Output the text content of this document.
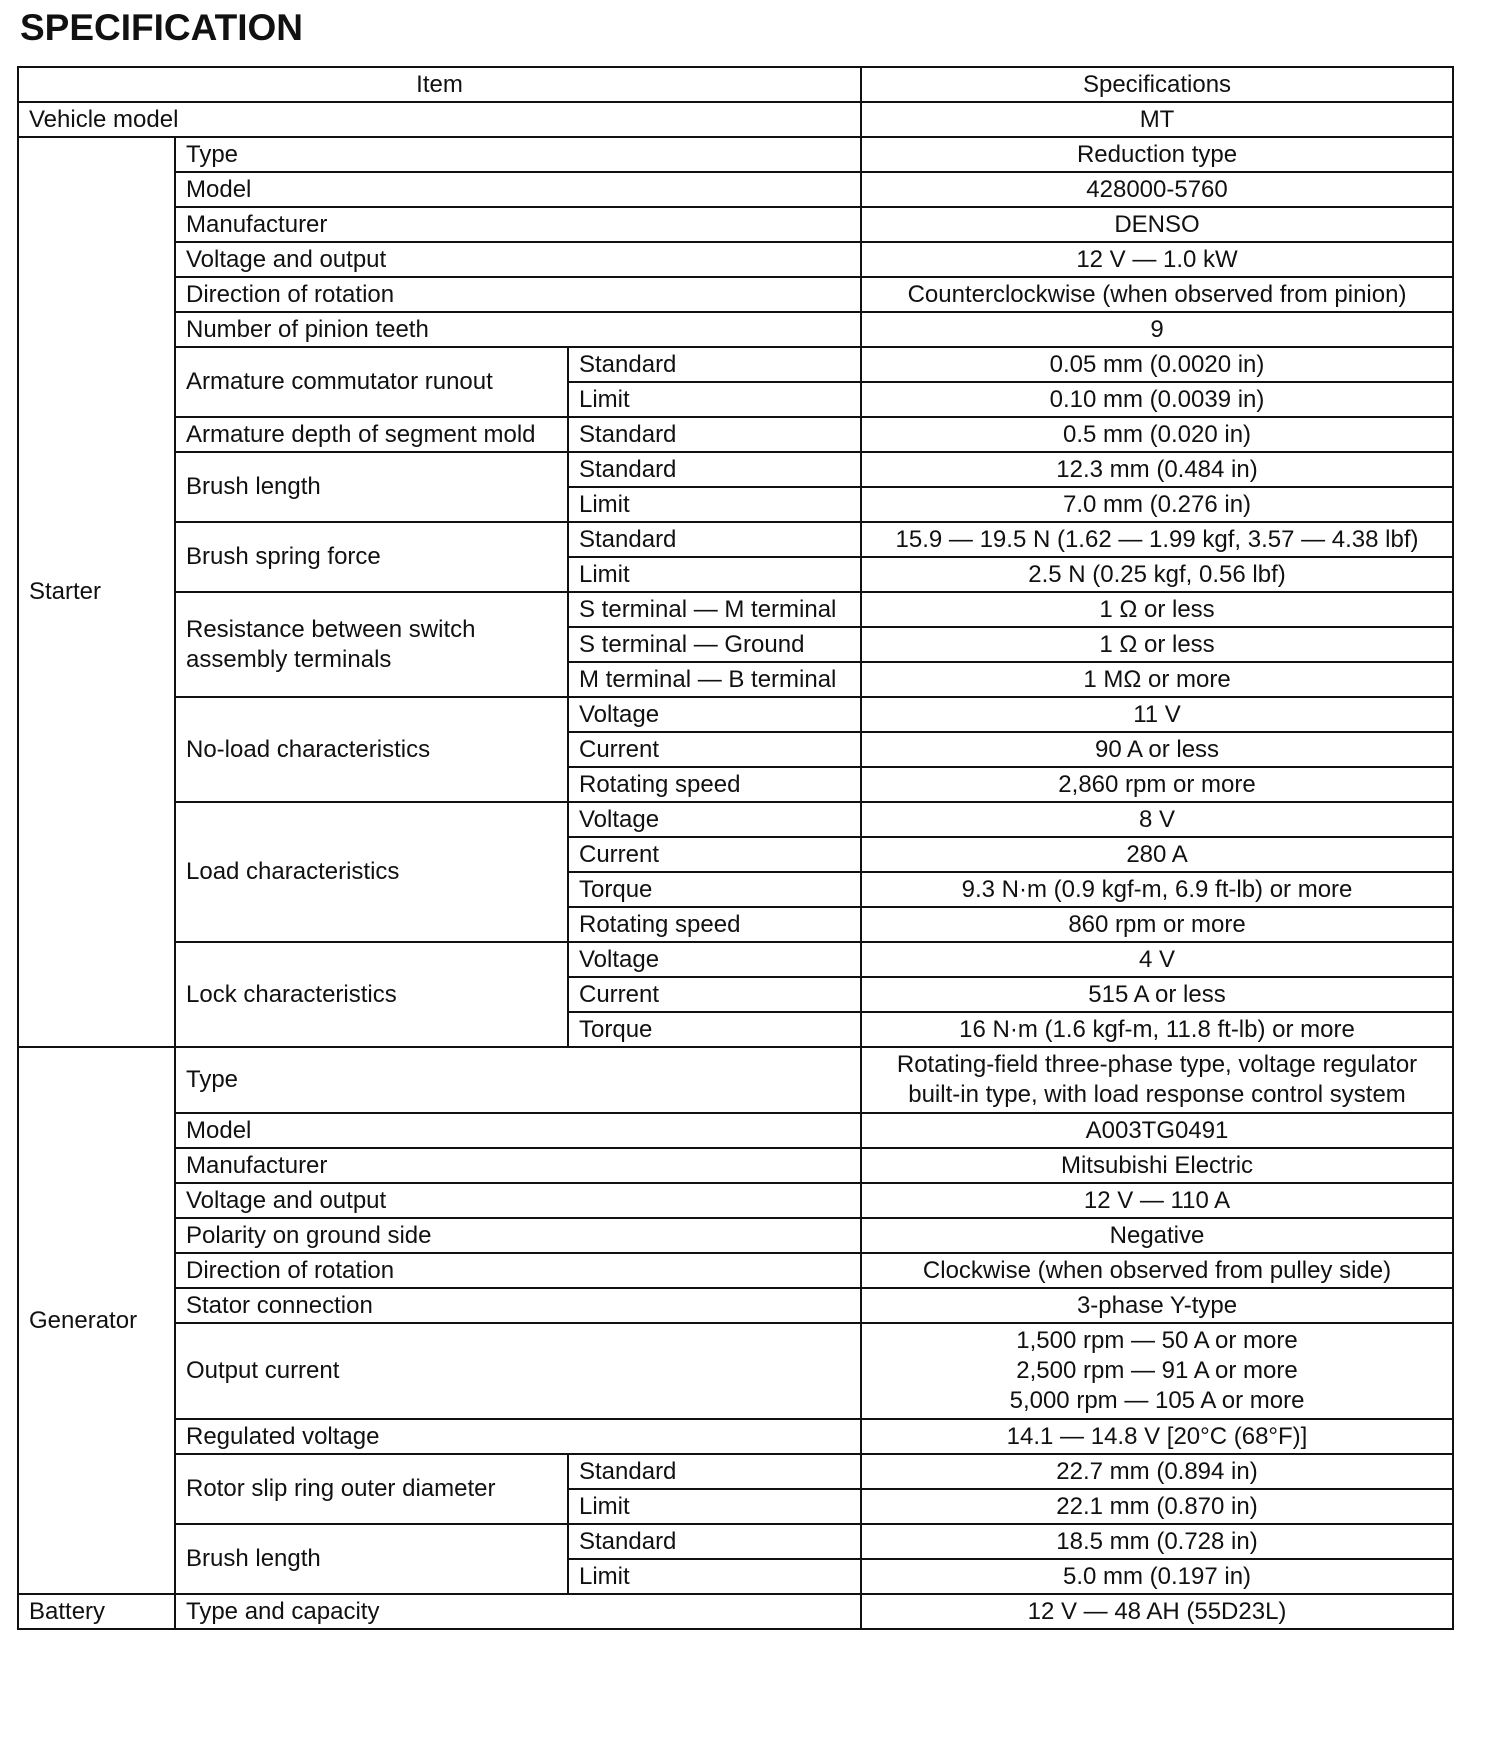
SPECIFICATION
Item			Specifications
Vehicle model			MT
Starter	Type		Reduction type
	Model		428000-5760
	Manufacturer		DENSO
	Voltage and output		12 V — 1.0 kW
	Direction of rotation		Counterclockwise (when observed from pinion)
	Number of pinion teeth		9
	Armature commutator runout	Standard	0.05 mm (0.0020 in)
		Limit	0.10 mm (0.0039 in)
	Armature depth of segment mold	Standard	0.5 mm (0.020 in)
	Brush length	Standard	12.3 mm (0.484 in)
		Limit	7.0 mm (0.276 in)
	Brush spring force	Standard	15.9 — 19.5 N (1.62 — 1.99 kgf, 3.57 — 4.38 lbf)
		Limit	2.5 N (0.25 kgf, 0.56 lbf)

	Resistance between switch
assembly terminals	S terminal — M terminal	1 Ω or less
		S terminal — Ground	1 Ω or less
		M terminal — B terminal	1 MΩ or more
	No-load characteristics	Voltage	11 V
		Current	90 A or less
		Rotating speed	2,860 rpm or more
	Load characteristics	Voltage	8 V
		Current	280 A
		Torque	9.3 N·m (0.9 kgf-m, 6.9 ft-lb) or more
		Rotating speed	860 rpm or more
	Lock characteristics	Voltage	4 V
		Current	515 A or less
		Torque	16 N·m (1.6 kgf-m, 11.8 ft-lb) or more
Generator	Type		Rotating-field three-phase type, voltage regulator
built-in type, with load response control system

	Model		A003TG0491
	Manufacturer		Mitsubishi Electric
	Voltage and output		12 V — 110 A
	Polarity on ground side		Negative
	Direction of rotation		Clockwise (when observed from pulley side)
	Stator connection		3-phase Y-type
	Output current		1,500 rpm — 50 A or more
2,500 rpm — 91 A or more
5,000 rpm — 105 A or more

	Regulated voltage		14.1 — 14.8 V [20°C (68°F)]
	Rotor slip ring outer diameter	Standard	22.7 mm (0.894 in)
		Limit	22.1 mm (0.870 in)
	Brush length	Standard	18.5 mm (0.728 in)
		Limit	5.0 mm (0.197 in)
Battery	Type and capacity		12 V — 48 AH (55D23L)
